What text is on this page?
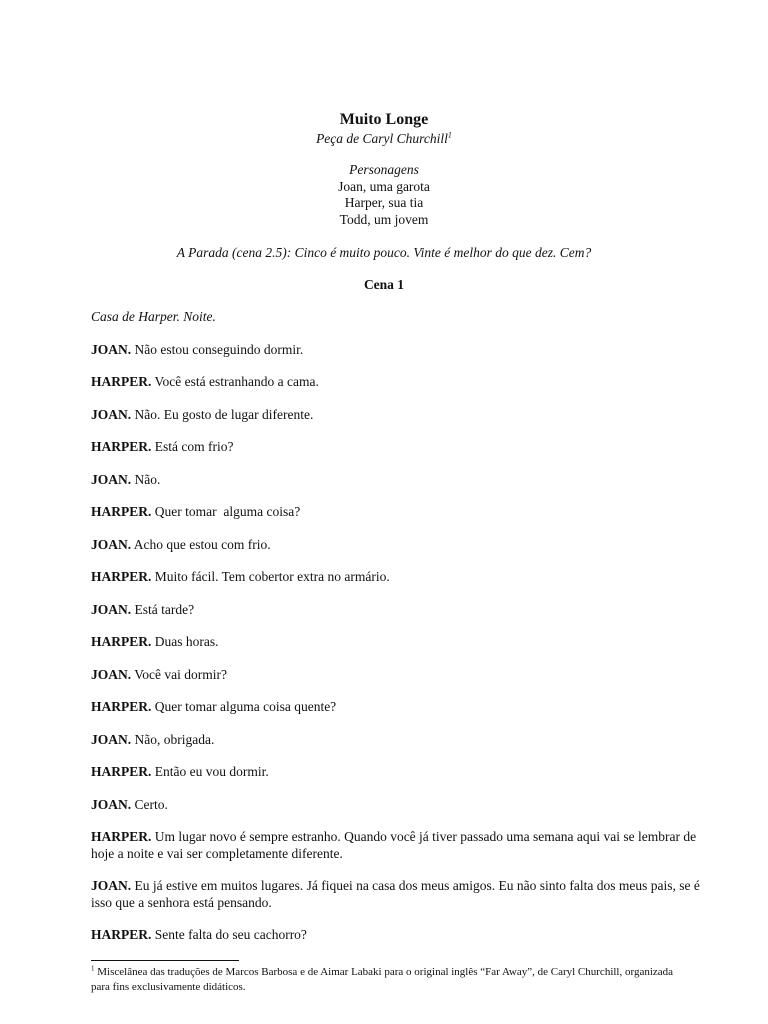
Muito Longe
Peça de Caryl Churchill$^1$
Personagens
Joan, uma garota
Harper, sua tia
Todd, um jovem
A Parada (cena 2.5): Cinco é muito pouco. Vinte é melhor do que dez. Cem?
Cena 1

Casa de Harper. Noite.

JOAN. Não estou conseguindo dormir.

HARPER. Você está estranhando a cama.

JOAN. Não. Eu gosto de lugar diferente.

HARPER. Está com frio?

JOAN. Não.

HARPER. Quer tomar  alguma coisa?

JOAN. Acho que estou com frio.

HARPER. Muito fácil. Tem cobertor extra no armário.

JOAN. Está tarde?

HARPER. Duas horas.

JOAN. Você vai dormir?

HARPER. Quer tomar alguma coisa quente?

JOAN. Não, obrigada.

HARPER. Então eu vou dormir.

JOAN. Certo.

HARPER. Um lugar novo é sempre estranho. Quando você já tiver passado uma semana aqui vai se lembrar de hoje a noite e vai ser completamente diferente.

JOAN. Eu já estive em muitos lugares. Já fiquei na casa dos meus amigos. Eu não sinto falta dos meus pais, se é isso que a senhora está pensando.

HARPER. Sente falta do seu cachorro?

$^1$ Miscelânea das traduções de Marcos Barbosa e de Aimar Labaki para o original inglês “Far Away”, de Caryl Churchill, organizada para fins exclusivamente didáticos.
